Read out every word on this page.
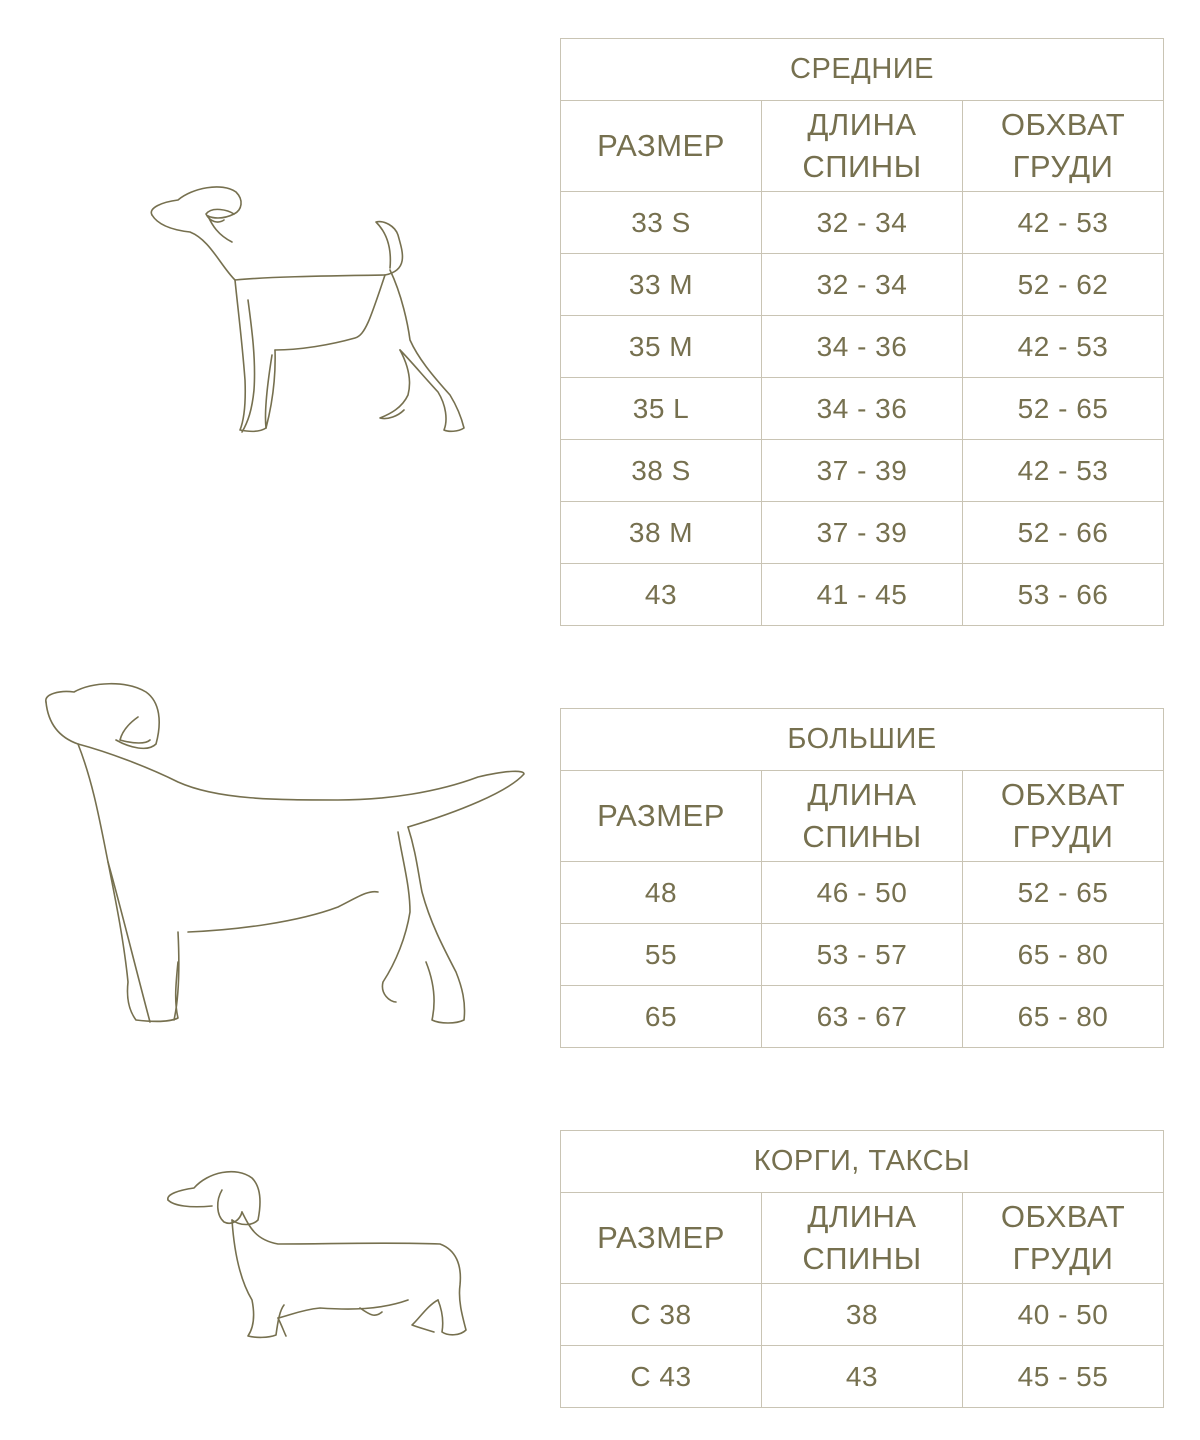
СРЕДНИЕ		
РАЗМЕР	ДЛИНА СПИНЫ	ОБХВАТ ГРУДИ
33 S	32 - 34	42 - 53
33 M	32 - 34	52 - 62
35 M	34 - 36	42 - 53
35 L	34 - 36	52 - 65
38 S	37 - 39	42 - 53
38 M	37 - 39	52 - 66
43	41 - 45	53 - 66
БОЛЬШИЕ		
РАЗМЕР	ДЛИНА СПИНЫ	ОБХВАТ ГРУДИ
48	46 - 50	52 - 65
55	53 - 57	65 - 80
65	63 - 67	65 - 80
КОРГИ, ТАКСЫ		
РАЗМЕР	ДЛИНА СПИНЫ	ОБХВАТ ГРУДИ
С 38	38	40 - 50
С 43	43	45 - 55
